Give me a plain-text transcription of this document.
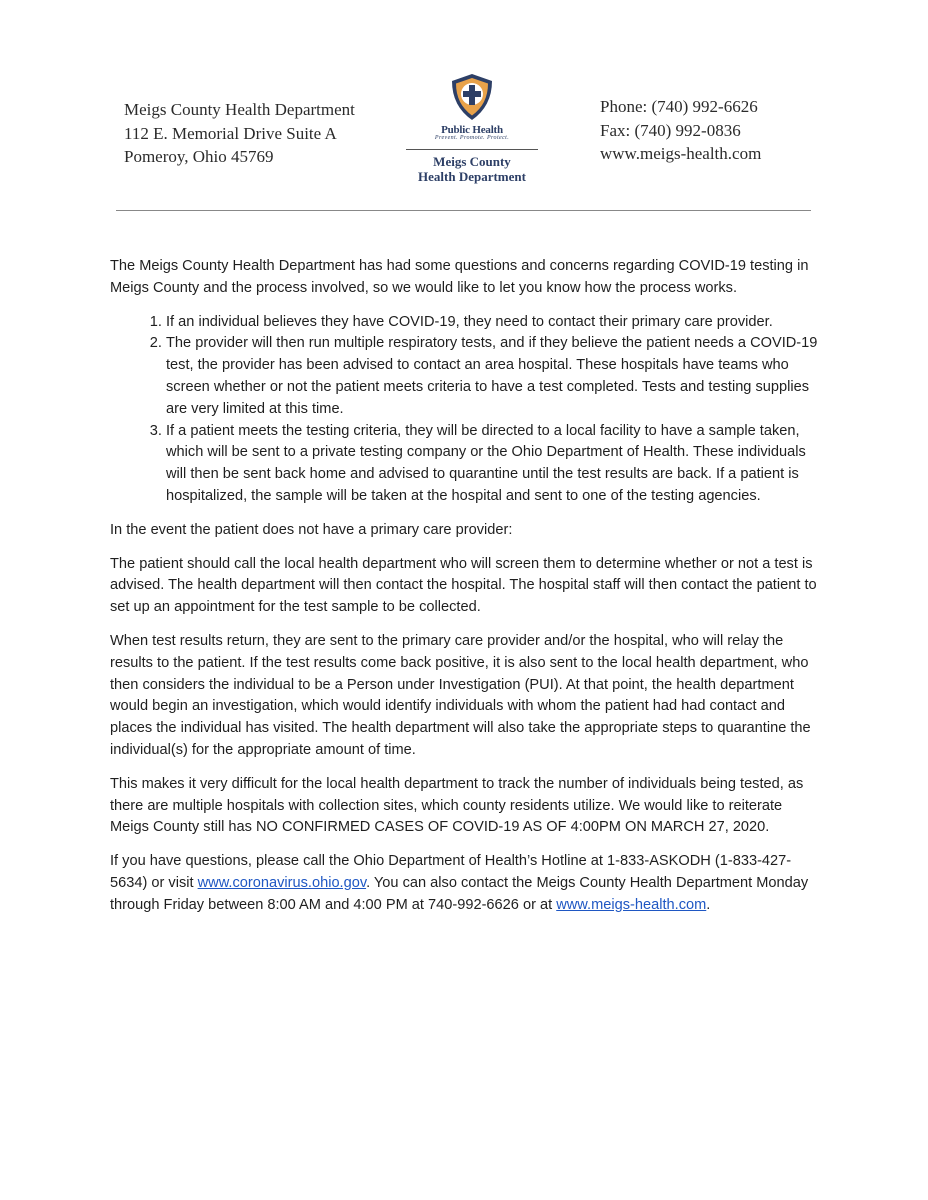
Meigs County Health Department
112 E. Memorial Drive Suite A
Pomeroy, Ohio 45769
Public Health
Prevent. Promote. Protect.
Meigs County
Health Department
Phone: (740) 992-6626
Fax: (740) 992-0836
www.meigs-health.com

The Meigs County Health Department has had some questions and concerns regarding COVID-19 testing in Meigs County and the process involved, so we would like to let you know how the process works.

1. If an individual believes they have COVID-19, they need to contact their primary care provider.
2. The provider will then run multiple respiratory tests, and if they believe the patient needs a COVID-19 test, the provider has been advised to contact an area hospital. These hospitals have teams who screen whether or not the patient meets criteria to have a test completed. Tests and testing supplies are very limited at this time.
3. If a patient meets the testing criteria, they will be directed to a local facility to have a sample taken, which will be sent to a private testing company or the Ohio Department of Health. These individuals will then be sent back home and advised to quarantine until the test results are back. If a patient is hospitalized, the sample will be taken at the hospital and sent to one of the testing agencies.

In the event the patient does not have a primary care provider:

The patient should call the local health department who will screen them to determine whether or not a test is advised. The health department will then contact the hospital. The hospital staff will then contact the patient to set up an appointment for the test sample to be collected.

When test results return, they are sent to the primary care provider and/or the hospital, who will relay the results to the patient. If the test results come back positive, it is also sent to the local health department, who then considers the individual to be a Person under Investigation (PUI). At that point, the health department would begin an investigation, which would identify individuals with whom the patient had had contact and places the individual has visited. The health department will also take the appropriate steps to quarantine the individual(s) for the appropriate amount of time.

This makes it very difficult for the local health department to track the number of individuals being tested, as there are multiple hospitals with collection sites, which county residents utilize. We would like to reiterate Meigs County still has NO CONFIRMED CASES OF COVID-19 AS OF 4:00PM ON MARCH 27, 2020.

If you have questions, please call the Ohio Department of Health’s Hotline at 1-833-ASKODH (1-833-427-5634) or visit www.coronavirus.ohio.gov. You can also contact the Meigs County Health Department Monday through Friday between 8:00 AM and 4:00 PM at 740-992-6626 or at www.meigs-health.com.
